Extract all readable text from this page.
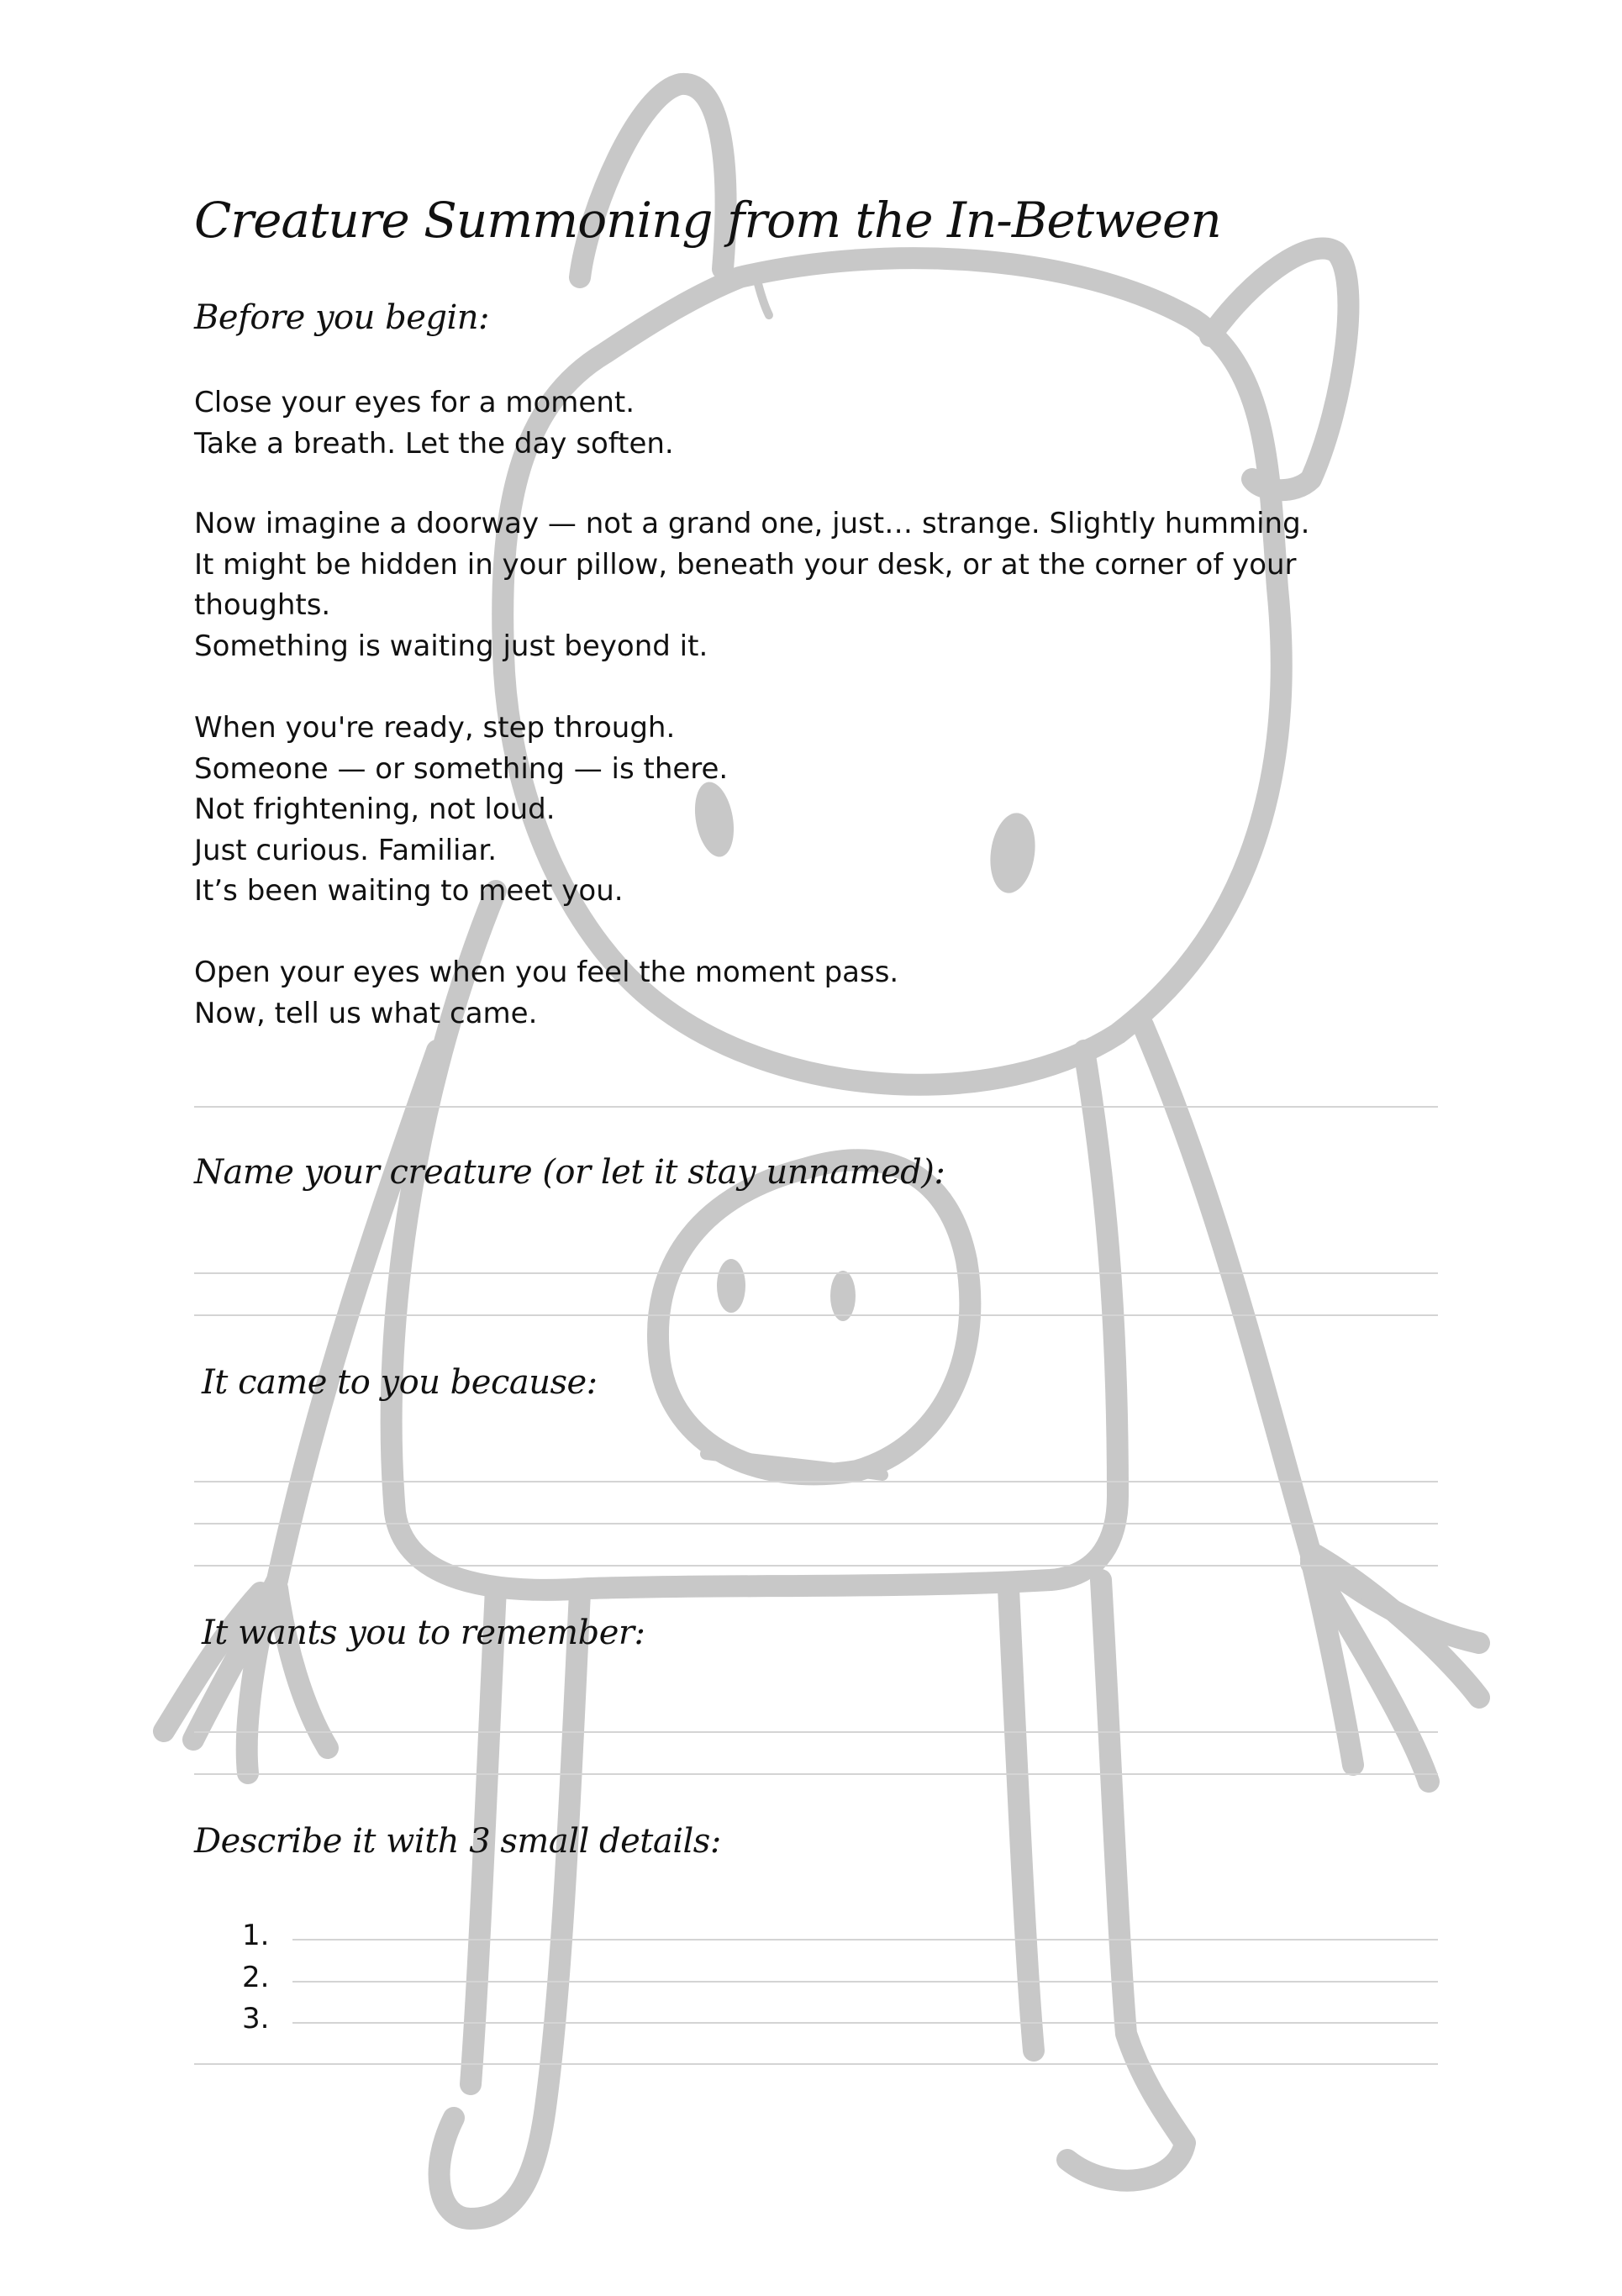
Creature Summoning from the In-Between
Before you begin:
Close your eyes for a moment.
Take a breath. Let the day soften.
Now imagine a doorway — not a grand one, just… strange. Slightly humming.
It might be hidden in your pillow, beneath your desk, or at the corner of your
thoughts.
Something is waiting just beyond it.
When you're ready, step through.
Someone — or something — is there.
Not frightening, not loud.
Just curious. Familiar.
It’s been waiting to meet you.
Open your eyes when you feel the moment pass.
Now, tell us what came.
Name your creature (or let it stay unnamed):
It came to you because:
It wants you to remember:
Describe it with 3 small details:
1.
2.
3.
